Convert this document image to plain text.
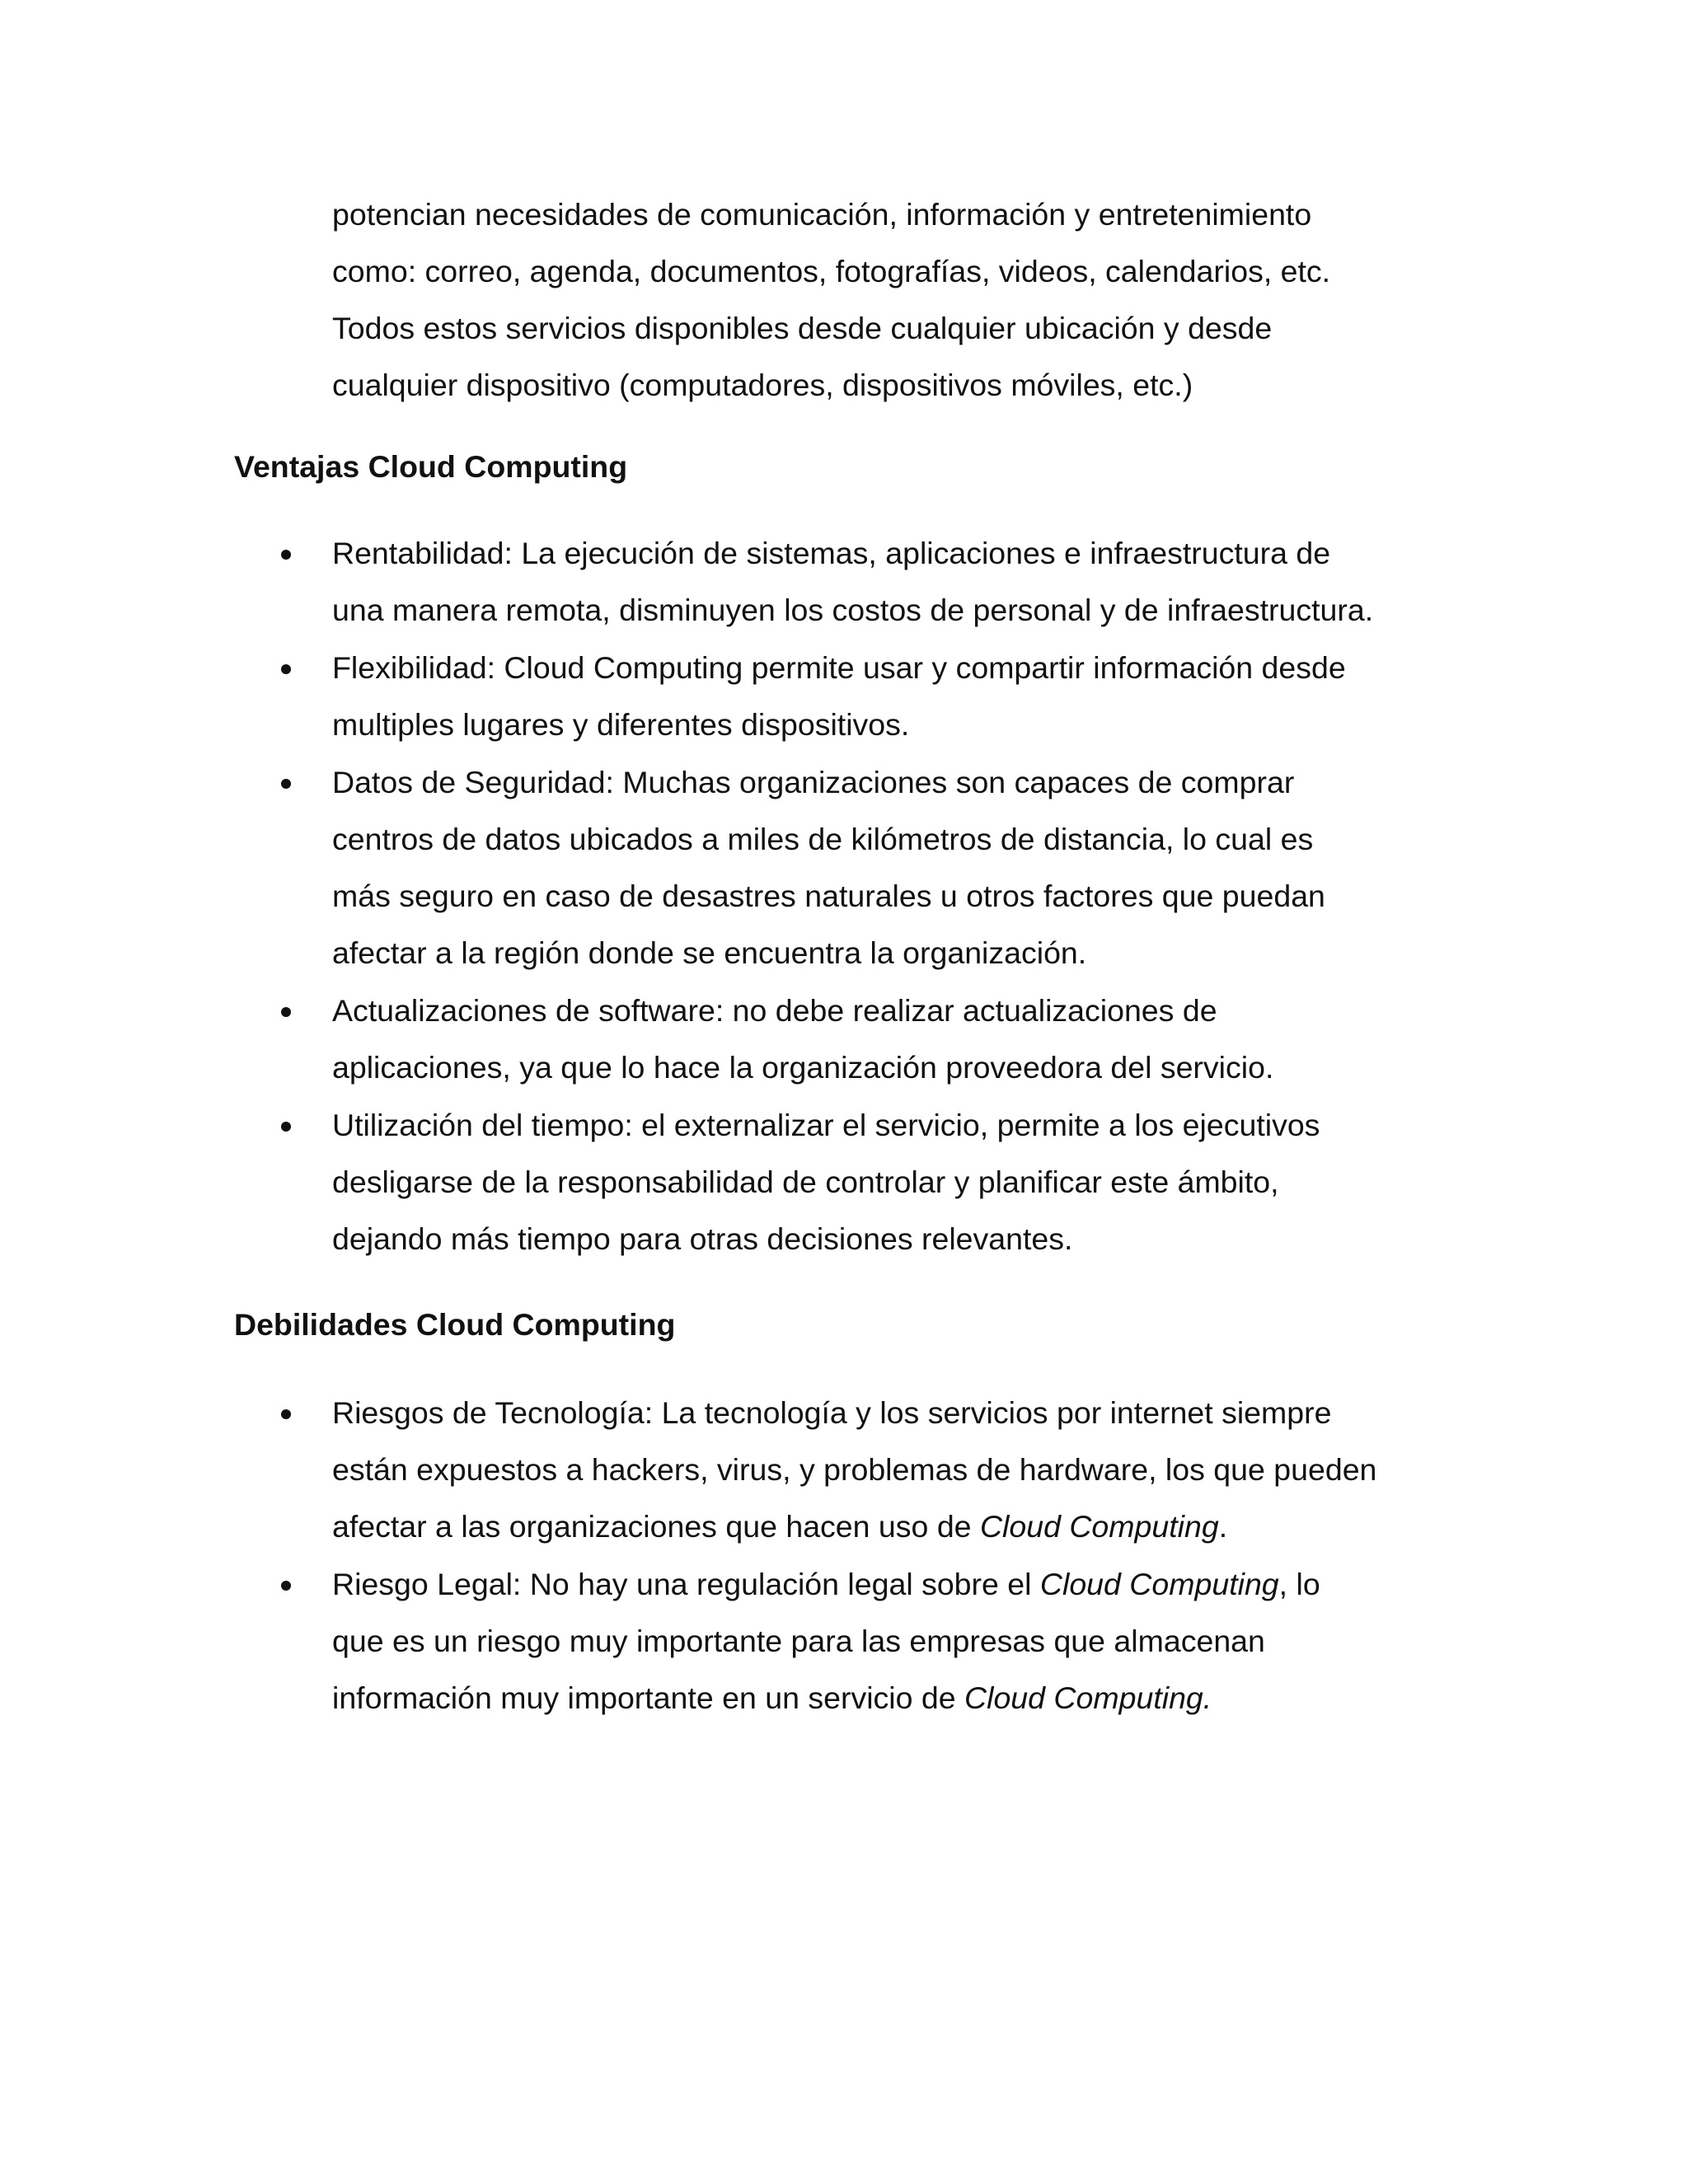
potencian necesidades de comunicación, información y entretenimiento
como: correo, agenda, documentos, fotografías, videos, calendarios, etc.
Todos estos servicios disponibles desde cualquier ubicación y desde
cualquier dispositivo (computadores, dispositivos móviles, etc.)

Ventajas Cloud Computing
Rentabilidad: La ejecución de sistemas, aplicaciones e infraestructura de
una manera remota, disminuyen los costos de personal y de infraestructura.
Flexibilidad: Cloud Computing permite usar y compartir información desde
multiples lugares y diferentes dispositivos.
Datos de Seguridad: Muchas organizaciones son capaces de comprar
centros de datos ubicados a miles de kilómetros de distancia, lo cual es
más seguro en caso de desastres naturales u otros factores que puedan
afectar a la región donde se encuentra la organización.
Actualizaciones de software: no debe realizar actualizaciones de
aplicaciones, ya que lo hace la organización proveedora del servicio.
Utilización del tiempo: el externalizar el servicio, permite a los ejecutivos
desligarse de la responsabilidad de controlar y planificar este ámbito,
dejando más tiempo para otras decisiones relevantes.
Debilidades Cloud Computing
Riesgos de Tecnología: La tecnología y los servicios por internet siempre
están expuestos a hackers, virus, y problemas de hardware, los que pueden
afectar a las organizaciones que hacen uso de Cloud Computing.
Riesgo Legal: No hay una regulación legal sobre el Cloud Computing, lo
que es un riesgo muy importante para las empresas que almacenan
información muy importante en un servicio de Cloud Computing.
